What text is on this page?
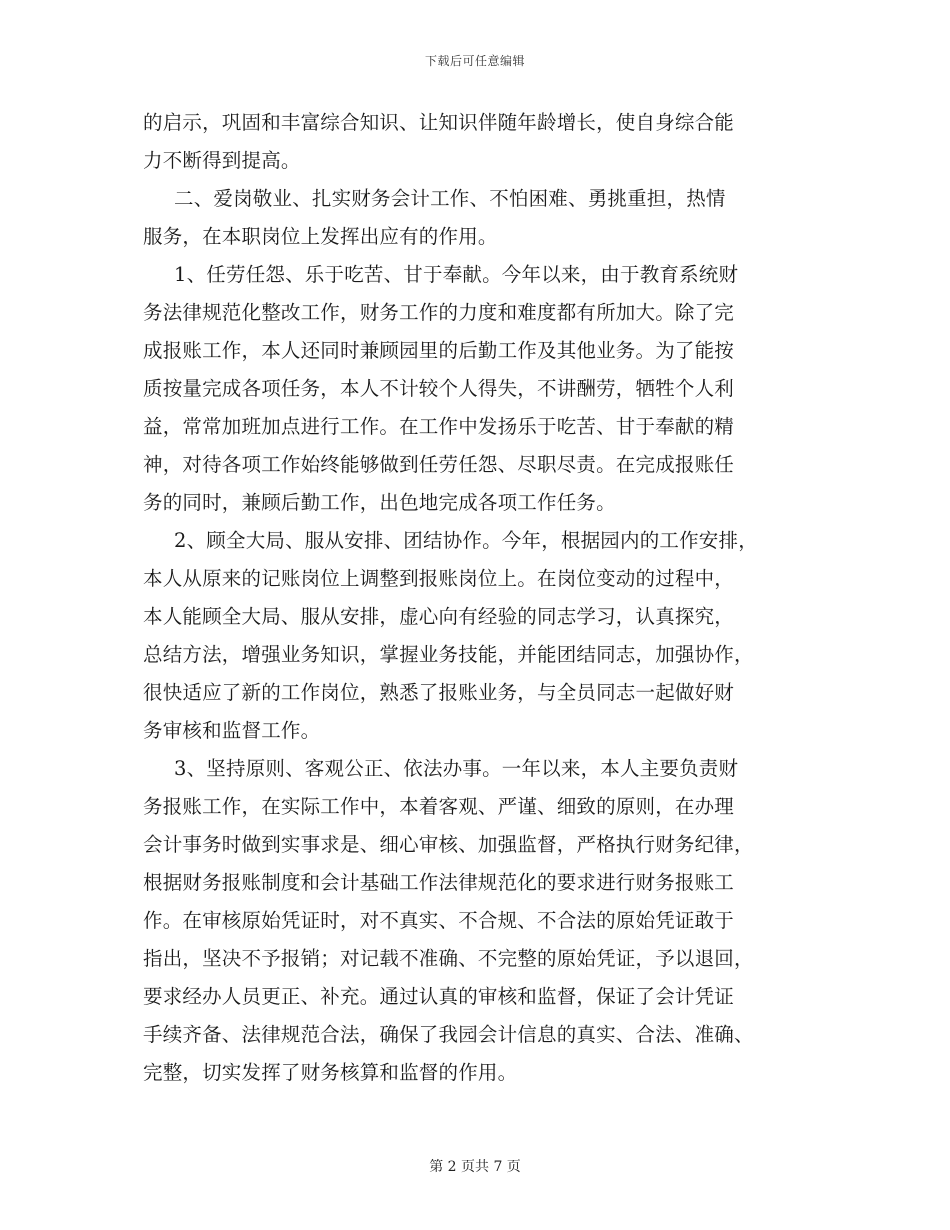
下载后可任意编辑
的启示，巩固和丰富综合知识、让知识伴随年龄增长，使自身综合能
力不断得到提高。
二、爱岗敬业、扎实财务会计工作、不怕困难、勇挑重担，热情
服务，在本职岗位上发挥出应有的作用。
1、任劳任怨、乐于吃苦、甘于奉献。今年以来，由于教育系统财
务法律规范化整改工作，财务工作的力度和难度都有所加大。除了完
成报账工作，本人还同时兼顾园里的后勤工作及其他业务。为了能按
质按量完成各项任务，本人不计较个人得失，不讲酬劳，牺牲个人利
益，常常加班加点进行工作。在工作中发扬乐于吃苦、甘于奉献的精
神，对待各项工作始终能够做到任劳任怨、尽职尽责。在完成报账任
务的同时，兼顾后勤工作，出色地完成各项工作任务。
2、顾全大局、服从安排、团结协作。今年，根据园内的工作安排，
本人从原来的记账岗位上调整到报账岗位上。在岗位变动的过程中，
本人能顾全大局、服从安排，虚心向有经验的同志学习，认真探究，
总结方法，增强业务知识，掌握业务技能，并能团结同志，加强协作，
很快适应了新的工作岗位，熟悉了报账业务，与全员同志一起做好财
务审核和监督工作。
3、坚持原则、客观公正、依法办事。一年以来，本人主要负责财
务报账工作，在实际工作中，本着客观、严谨、细致的原则，在办理
会计事务时做到实事求是、细心审核、加强监督，严格执行财务纪律，
根据财务报账制度和会计基础工作法律规范化的要求进行财务报账工
作。在审核原始凭证时，对不真实、不合规、不合法的原始凭证敢于
指出，坚决不予报销；对记载不准确、不完整的原始凭证，予以退回，
要求经办人员更正、补充。通过认真的审核和监督，保证了会计凭证
手续齐备、法律规范合法，确保了我园会计信息的真实、合法、准确、
完整，切实发挥了财务核算和监督的作用。
第 2 页共 7 页
